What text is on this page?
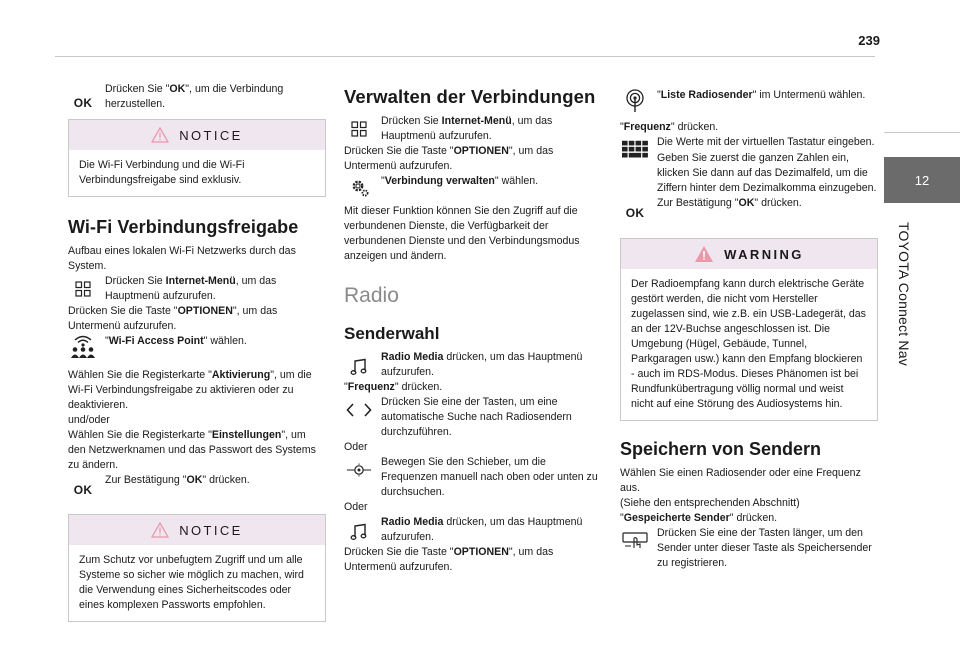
239
12
TOYOTA Connect Nav
OK

Drücken Sie "OK", um die Verbindung herzustellen.

NOTICE

Die Wi-Fi Verbindung und die Wi-Fi Verbindungsfreigabe sind exklusiv.

Wi-Fi Verbindungsfreigabe

Aufbau eines lokalen Wi-Fi Netzwerks durch das System.

Drücken Sie Internet-Menü, um das Hauptmenü aufzurufen.

Drücken Sie die Taste "OPTIONEN", um das Untermenü aufzurufen.

"Wi-Fi Access Point" wählen.

Wählen Sie die Registerkarte "Aktivierung", um die Wi-Fi Verbindungsfreigabe zu aktivieren oder zu deaktivieren.

und/oder

Wählen Sie die Registerkarte "Einstellungen", um den Netzwerknamen und das Passwort des Systems zu ändern.

OK

Zur Bestätigung "OK" drücken.

NOTICE

Zum Schutz vor unbefugtem Zugriff und um alle Systeme so sicher wie möglich zu machen, wird die Verwendung eines Sicherheitscodes oder eines komplexen Passworts empfohlen.

Verwalten der Verbindungen

Drücken Sie Internet-Menü, um das Hauptmenü aufzurufen.

Drücken Sie die Taste "OPTIONEN", um das Untermenü aufzurufen.

"Verbindung verwalten" wählen.

Mit dieser Funktion können Sie den Zugriff auf die verbundenen Dienste, die Verfügbarkeit der verbundenen Dienste und den Verbindungsmodus anzeigen und ändern.

Radio
Senderwahl

Radio Media drücken, um das Hauptmenü aufzurufen.

"Frequenz" drücken.

Drücken Sie eine der Tasten, um eine automatische Suche nach Radiosendern durchzuführen.

Oder

Bewegen Sie den Schieber, um die Frequenzen manuell nach oben oder unten zu durchsuchen.

Oder

Radio Media drücken, um das Hauptmenü aufzurufen.

Drücken Sie die Taste "OPTIONEN", um das Untermenü aufzurufen.

"Liste Radiosender" im Untermenü wählen.

"Frequenz" drücken.

Die Werte mit der virtuellen Tastatur eingeben.

Geben Sie zuerst die ganzen Zahlen ein, klicken Sie dann auf das Dezimalfeld, um die Ziffern hinter dem Dezimalkomma einzugeben.

OK

Zur Bestätigung "OK" drücken.

WARNING

Der Radioempfang kann durch elektrische Geräte gestört werden, die nicht vom Hersteller zugelassen sind, wie z.B. ein USB-Ladegerät, das an der 12V-Buchse angeschlossen ist. Die Umgebung (Hügel, Gebäude, Tunnel, Parkgaragen usw.) kann den Empfang blockieren - auch im RDS-Modus. Dieses Phänomen ist bei Rundfunkübertragung völlig normal und weist nicht auf eine Störung des Audiosystems hin.

Speichern von Sendern

Wählen Sie einen Radiosender oder eine Frequenz aus.

(Siehe den entsprechenden Abschnitt)

"Gespeicherte Sender" drücken.

Drücken Sie eine der Tasten länger, um den Sender unter dieser Taste als Speichersender zu registrieren.
